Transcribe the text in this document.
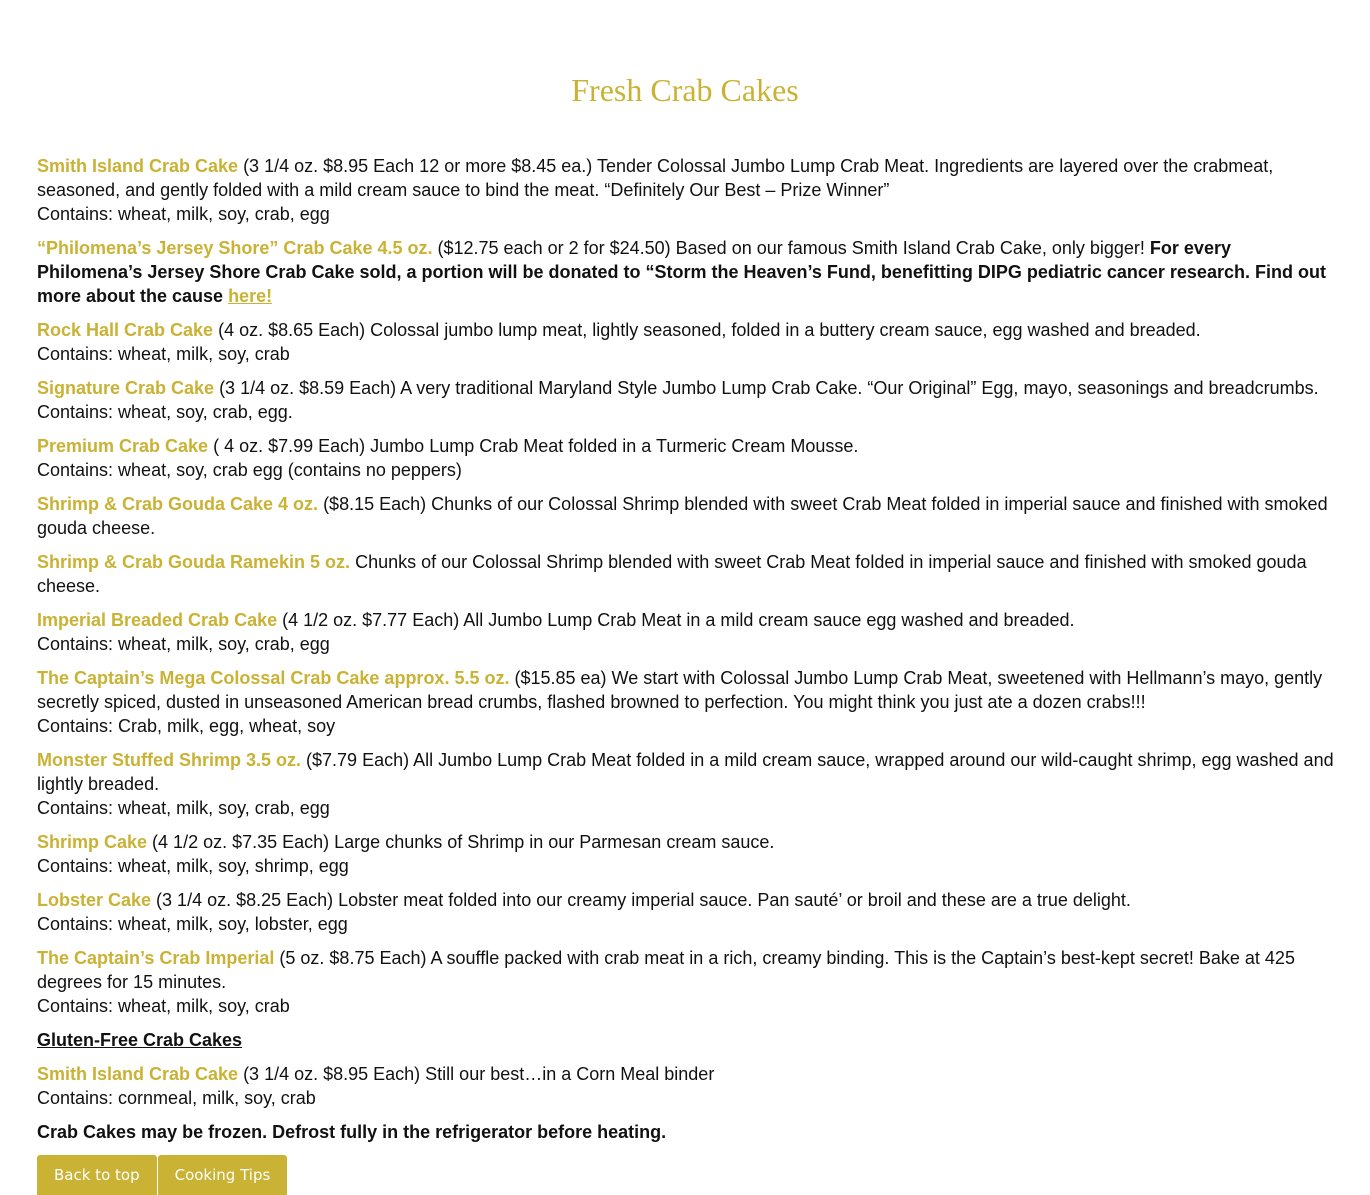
Fresh Crab Cakes

Smith Island Crab Cake (3 1/4 oz. $8.95 Each 12 or more $8.45 ea.) Tender Colossal Jumbo Lump Crab Meat. Ingredients are layered over the crabmeat, seasoned, and gently folded with a mild cream sauce to bind the meat. “Definitely Our Best – Prize Winner”
Contains: wheat, milk, soy, crab, egg

“Philomena’s Jersey Shore” Crab Cake 4.5 oz. ($12.75 each or 2 for $24.50) Based on our famous Smith Island Crab Cake, only bigger! For every Philomena’s Jersey Shore Crab Cake sold, a portion will be donated to “Storm the Heaven’s Fund, benefitting DIPG pediatric cancer research. Find out more about the cause here!

Rock Hall Crab Cake (4 oz. $8.65 Each) Colossal jumbo lump meat, lightly seasoned, folded in a buttery cream sauce, egg washed and breaded.
Contains: wheat, milk, soy, crab

Signature Crab Cake (3 1/4 oz. $8.59 Each) A very traditional Maryland Style Jumbo Lump Crab Cake. “Our Original” Egg, mayo, seasonings and breadcrumbs.
Contains: wheat, soy, crab, egg.

Premium Crab Cake ( 4 oz. $7.99 Each) Jumbo Lump Crab Meat folded in a Turmeric Cream Mousse.
Contains: wheat, soy, crab egg (contains no peppers)

Shrimp & Crab Gouda Cake 4 oz. ($8.15 Each) Chunks of our Colossal Shrimp blended with sweet Crab Meat folded in imperial sauce and finished with smoked gouda cheese.

Shrimp & Crab Gouda Ramekin 5 oz. Chunks of our Colossal Shrimp blended with sweet Crab Meat folded in imperial sauce and finished with smoked gouda cheese.

Imperial Breaded Crab Cake (4 1/2 oz. $7.77 Each) All Jumbo Lump Crab Meat in a mild cream sauce egg washed and breaded.
Contains: wheat, milk, soy, crab, egg

The Captain’s Mega Colossal Crab Cake approx. 5.5 oz. ($15.85 ea) We start with Colossal Jumbo Lump Crab Meat, sweetened with Hellmann’s mayo, gently secretly spiced, dusted in unseasoned American bread crumbs, flashed browned to perfection. You might think you just ate a dozen crabs!!!
Contains: Crab, milk, egg, wheat, soy

Monster Stuffed Shrimp 3.5 oz. ($7.79 Each) All Jumbo Lump Crab Meat folded in a mild cream sauce, wrapped around our wild-caught shrimp, egg washed and lightly breaded.
Contains: wheat, milk, soy, crab, egg

Shrimp Cake (4 1/2 oz. $7.35 Each) Large chunks of Shrimp in our Parmesan cream sauce.
Contains: wheat, milk, soy, shrimp, egg

Lobster Cake (3 1/4 oz. $8.25 Each) Lobster meat folded into our creamy imperial sauce. Pan sauté’ or broil and these are a true delight.
Contains: wheat, milk, soy, lobster, egg

The Captain’s Crab Imperial (5 oz. $8.75 Each) A souffle packed with crab meat in a rich, creamy binding. This is the Captain’s best-kept secret! Bake at 425 degrees for 15 minutes.
Contains: wheat, milk, soy, crab

Gluten-Free Crab Cakes

Smith Island Crab Cake (3 1/4 oz. $8.95 Each) Still our best…in a Corn Meal binder
Contains: cornmeal, milk, soy, crab

Crab Cakes may be frozen. Defrost fully in the refrigerator before heating.

Back to top	Cooking Tips
